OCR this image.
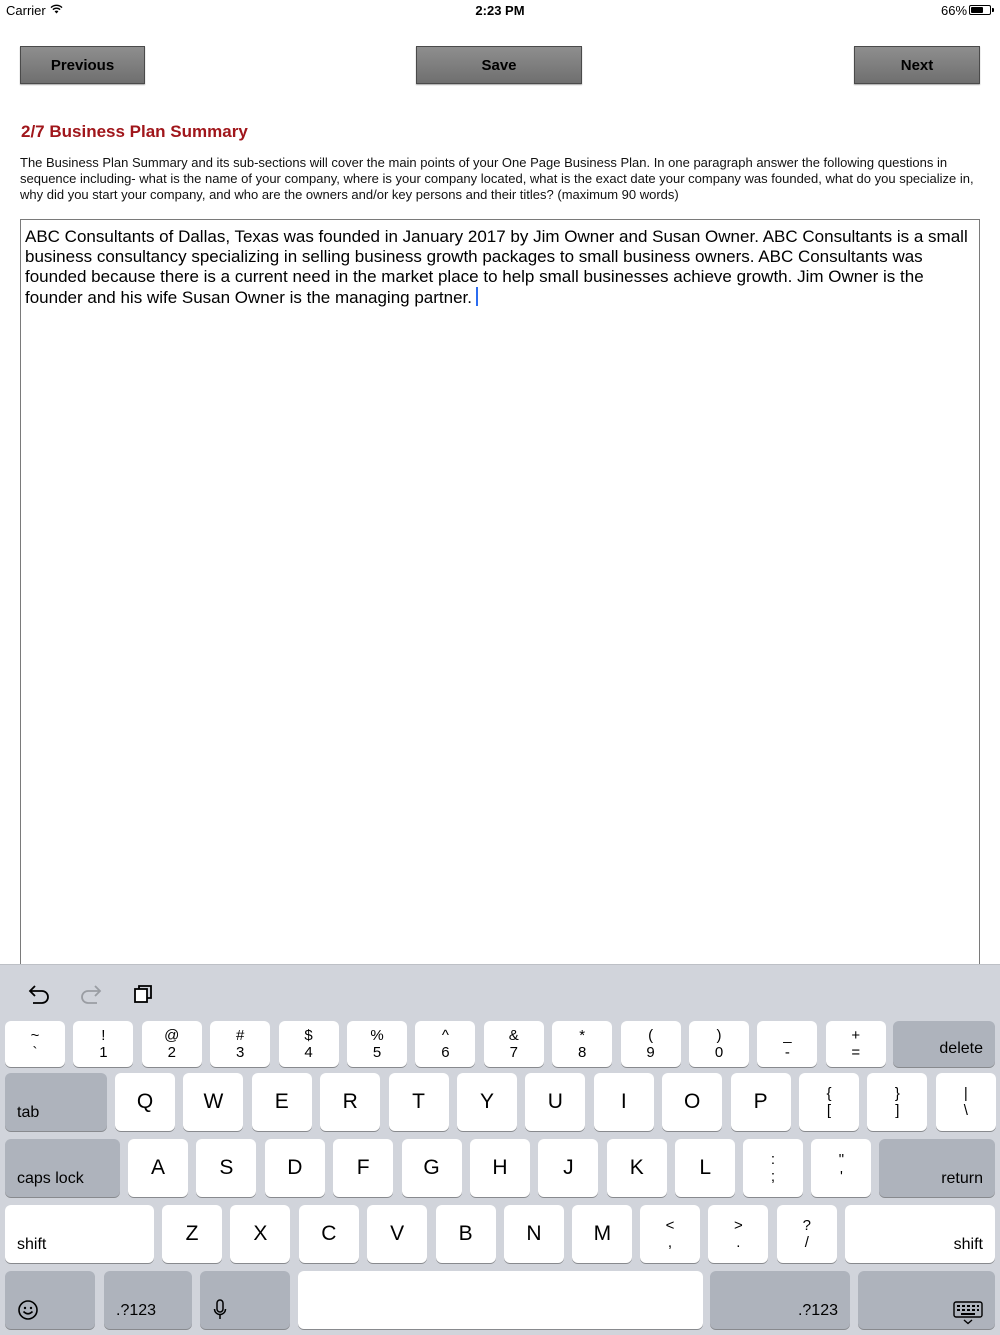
Carrier	2:23 PM	66%
Previous	Save	Next
2/7 Business Plan Summary
The Business Plan Summary and its sub-sections will cover the main points of your One Page Business Plan. In one paragraph answer the following questions in sequence including- what is the name of your company, where is your company located, what is the exact date your company was founded, what do you specialize in, why did you start your company, and who are the owners and/or key persons and their titles? (maximum 90 words)
ABC Consultants of Dallas, Texas was founded in January 2017 by Jim Owner and Susan Owner. ABC Consultants is a small business consultancy specializing in selling business growth packages to small business owners. ABC Consultants was founded because there is a current need in the market place to help small businesses achieve growth. Jim Owner is the founder and his wife Susan Owner is the managing partner.
~
`
!
1
@
2
#
3
$
4
%
5
^
6
&
7
*
8
(
9
)
0
_
-
+
=	delete
tab	Q W E	R	T	Y	U	I	O	P	{
[
}
]
|
\
caps lock	A	S	D	F	G	H	J	K	L	:
;
"
'	return
shift	Z	X	C	V	B	N M	<
,
>
.
?
/	shift
.?123	.?123
